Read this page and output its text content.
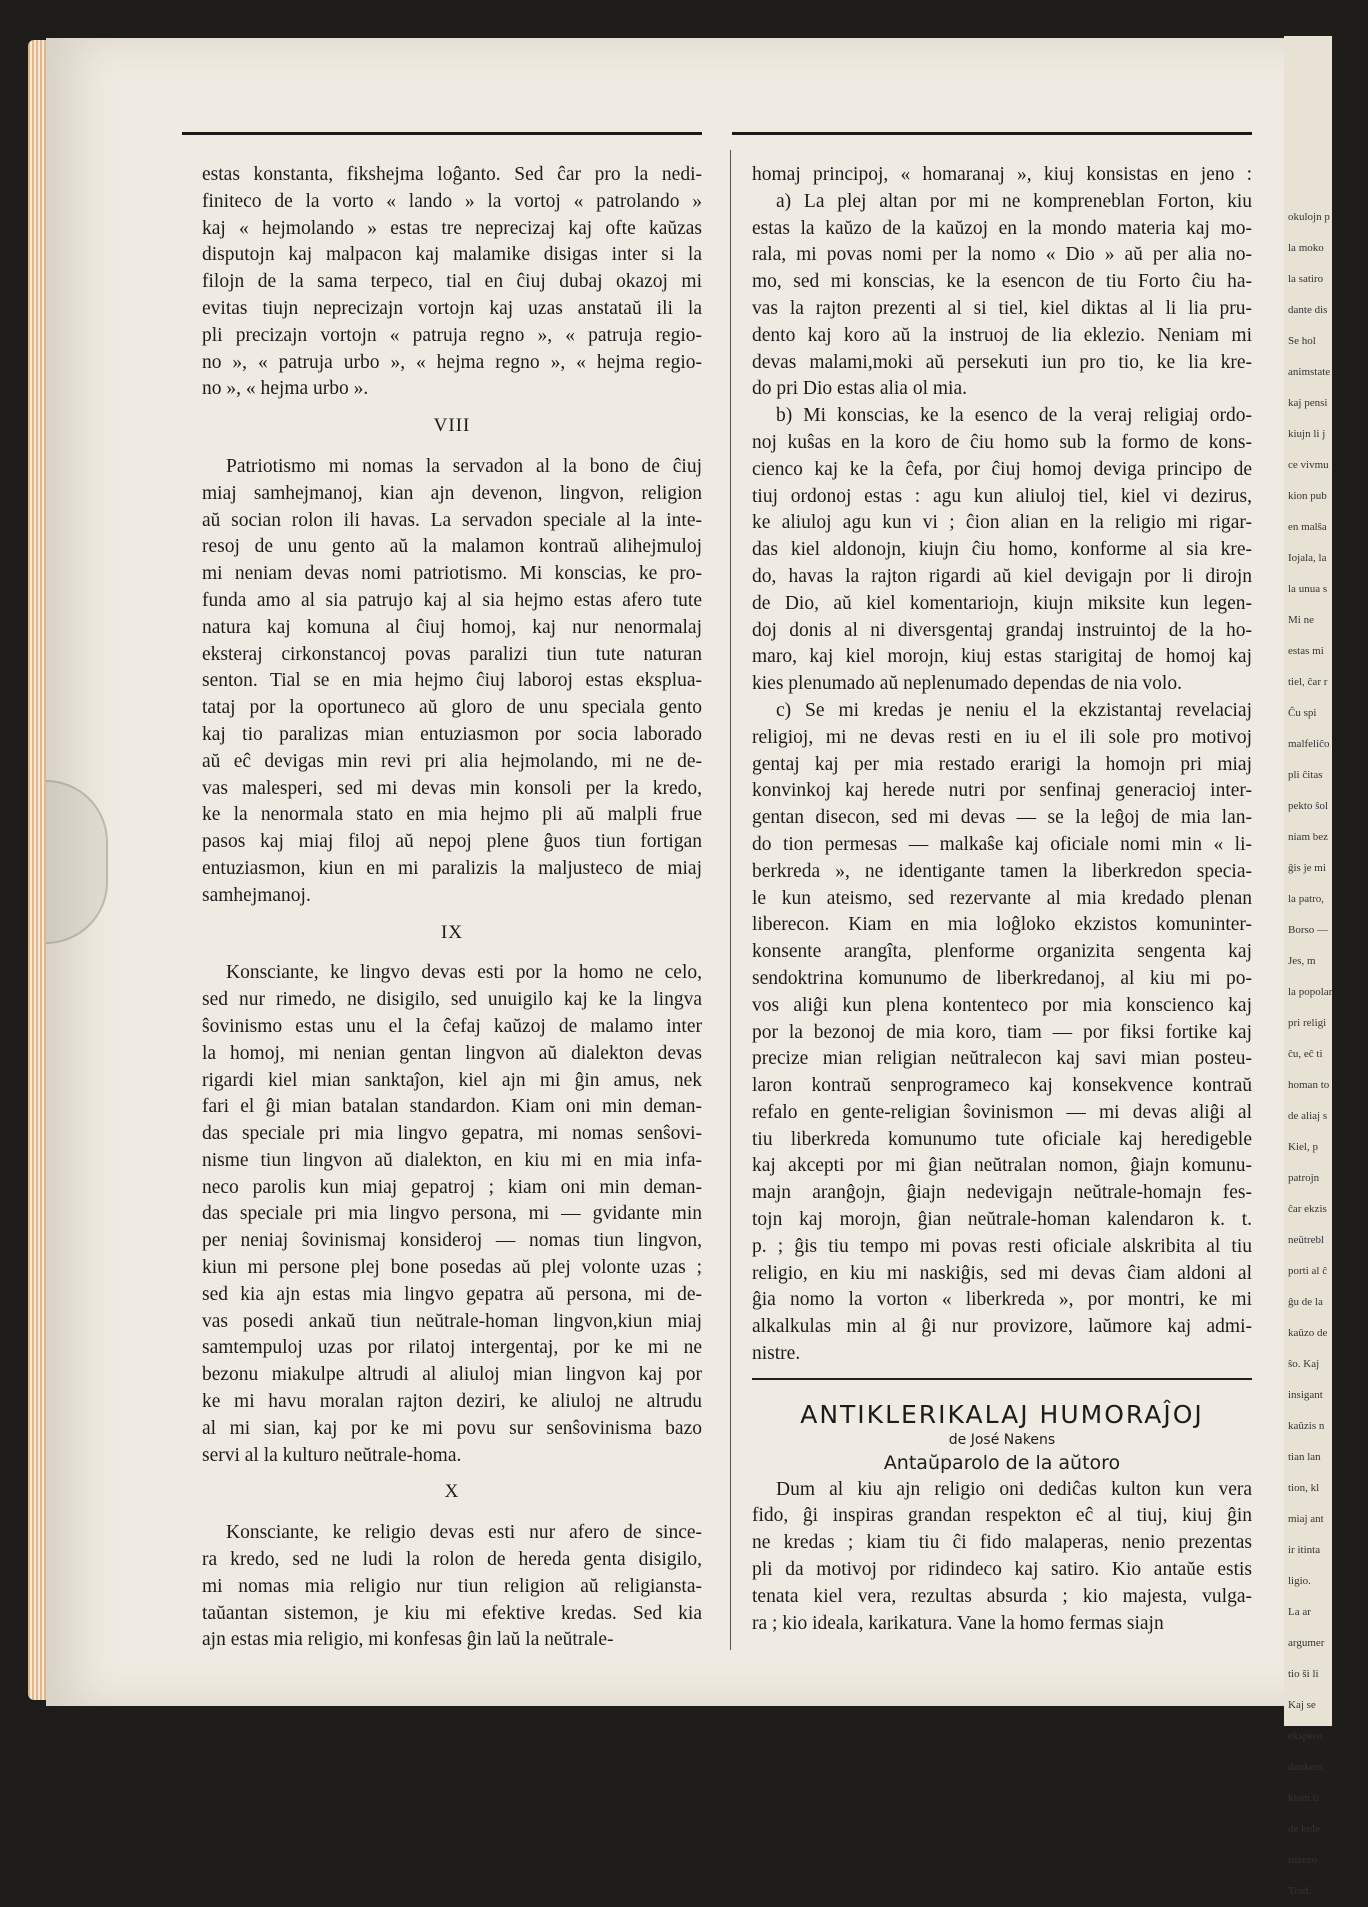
okulojn p
la moko
la satiro
dante dis
Se hol
animstate
kaj pensi
kiujn li j
ce vivmu
kion pub
en malŝa
Iojala, la
la unua s
Mi ne
estas mi
tiel, ĉar r
Ĉu spi
malfeliĉo
pli ĉitas
pekto ŝol
niam bez
ĝis je mi
la patro,
Borso —
Jes, m
la popolar
pri religi
ĉu, eĉ ti
homan to
de aliaj s
Kiel, p
patrojn
ĉar ekzis
neŭtrebl
porti al ĉ
ĝu de la
kaŭzo de
ŝo. Kaj
insigant
kaŭzis n
tian lan
tion, kl
miaj ant
ir itinta
ligio.
La ar
argumer
tio ŝi li
Kaj se
ekspero
dankem
kiam ti
de kole
ruzezo
Trad.

estas konstanta, fikshejma loĝanto. Sed ĉar pro la nedi-
finiteco de la vorto « lando » la vortoj « patrolando »
kaj « hejmolando » estas tre neprecizaj kaj ofte kaŭzas
disputojn kaj malpacon kaj malamike disigas inter si la
filojn de la sama terpeco, tial en ĉiuj dubaj okazoj mi
evitas tiujn neprecizajn vortojn kaj uzas anstataŭ ili la
pli precizajn vortojn « patruja regno », « patruja regio-
no », « patruja urbo », « hejma regno », « hejma regio-
no », « hejma urbo ».

VIII

Patriotismo mi nomas la servadon al la bono de ĉiuj
miaj samhejmanoj, kian ajn devenon, lingvon, religion
aŭ socian rolon ili havas. La servadon speciale al la inte-
resoj de unu gento aŭ la malamon kontraŭ alihejmuloj
mi neniam devas nomi patriotismo. Mi konscias, ke pro-
funda amo al sia patrujo kaj al sia hejmo estas afero tute
natura kaj komuna al ĉiuj homoj, kaj nur nenormalaj
eksteraj cirkonstancoj povas paralizi tiun tute naturan
senton. Tial se en mia hejmo ĉiuj laboroj estas eksplua-
tataj por la oportuneco aŭ gloro de unu speciala gento
kaj tio paralizas mian entuziasmon por socia laborado
aŭ eĉ devigas min revi pri alia hejmolando, mi ne de-
vas malesperi, sed mi devas min konsoli per la kredo,
ke la nenormala stato en mia hejmo pli aŭ malpli frue
pasos kaj miaj filoj aŭ nepoj plene ĝuos tiun fortigan
entuziasmon, kiun en mi paralizis la maljusteco de miaj
samhejmanoj.

IX

Konsciante, ke lingvo devas esti por la homo ne celo,
sed nur rimedo, ne disigilo, sed unuigilo kaj ke la lingva
ŝovinismo estas unu el la ĉefaj kaŭzoj de malamo inter
la homoj, mi nenian gentan lingvon aŭ dialekton devas
rigardi kiel mian sanktaĵon, kiel ajn mi ĝin amus, nek
fari el ĝi mian batalan standardon. Kiam oni min deman-
das speciale pri mia lingvo gepatra, mi nomas senŝovi-
nisme tiun lingvon aŭ dialekton, en kiu mi en mia infa-
neco parolis kun miaj gepatroj ; kiam oni min deman-
das speciale pri mia lingvo persona, mi — gvidante min
per neniaj ŝovinismaj konsideroj — nomas tiun lingvon,
kiun mi persone plej bone posedas aŭ plej volonte uzas ;
sed kia ajn estas mia lingvo gepatra aŭ persona, mi de-
vas posedi ankaŭ tiun neŭtrale-homan lingvon,kiun miaj
samtempuloj uzas por rilatoj intergentaj, por ke mi ne
bezonu miakulpe altrudi al aliuloj mian lingvon kaj por
ke mi havu moralan rajton deziri, ke aliuloj ne altrudu
al mi sian, kaj por ke mi povu sur senŝovinisma bazo
servi al la kulturo neŭtrale-homa.

X

Konsciante, ke religio devas esti nur afero de sincе-
ra kredo, sed ne ludi la rolon de hereda genta disigilo,
mi nomas mia religio nur tiun religion aŭ religiansta-
taŭantan sistemon, je kiu mi efektive kredas. Sed kia
ajn estas mia religio, mi konfesas ĝin laŭ la neŭtrale-

homaj principoj, « homaranaj », kiuj konsistas en jeno :

a) La plej altan por mi ne kompreneblan Forton, kiu
estas la kaŭzo de la kaŭzoj en la mondo materia kaj mo-
rala, mi povas nomi per la nomo « Dio » aŭ per alia no-
mo, sed mi konscias, ke la esencon de tiu Forto ĉiu ha-
vas la rajton prezenti al si tiel, kiel diktas al li lia pru-
dento kaj koro aŭ la instruoj de lia eklezio. Neniam mi
devas malami,moki aŭ persekuti iun pro tio, ke lia kre-
do pri Dio estas alia ol mia.

b) Mi konscias, ke la esenco de la veraj religiaj ordo-
noj kuŝas en la koro de ĉiu homo sub la formo de kons-
cienco kaj ke la ĉefa, por ĉiuj homoj deviga principo de
tiuj ordonoj estas : agu kun aliuloj tiel, kiel vi dezirus,
ke aliuloj agu kun vi ; ĉion alian en la religio mi rigar-
das kiel aldonojn, kiujn ĉiu homo, konforme al sia kre-
do, havas la rajton rigardi aŭ kiel devigajn por li diroјn
de Dio, aŭ kiel komentariojn, kiujn miksite kun legen-
doj donis al ni diversgentaj grandaj instruintoj de la ho-
maro, kaj kiel morojn, kiuj estas starigitaj de homoj kaj
kies plenumado aŭ neplenumado dependas de nia volo.

c) Se mi kredas je neniu el la ekzistantaj revelaciaj
religioj, mi ne devas resti en iu el ili sole pro motivoj
gentaj kaj per mia restado erarigi la homojn pri miaj
konvinkoj kaj herede nutri por senfinaj generacioj inter-
gentan disecon, sed mi devas — se la leĝoj de mia lan-
do tion permesas — malkaŝe kaj oficiale nomi min « li-
berkreda », ne identigante tamen la liberkredon specia-
le kun ateismo, sed rezervante al mia kredado plenan
liberecon. Kiam en mia loĝloko ekzistos komuninter-
konsente arangîta, plenforme organizita sengenta kaj
sendoktrina komunumo de liberkredanoj, al kiu mi po-
vos aliĝi kun plena kontenteco por mia konscienco kaj
por la bezonoj de mia koro, tiam — por fiksi fortike kaj
precize mian religian neŭtralecon kaj savi mian posteu-
laron kontraŭ senprogrameco kaj konsekvence kontraŭ
refalo en gente-religian ŝovinismon — mi devas aliĝi al
tiu liberkreda komunumo tute oficiale kaj heredigeble
kaj akcepti por mi ĝian neŭtralan nomon, ĝiajn komunu-
majn aranĝojn, ĝiajn nedevigajn neŭtrale-homajn fes-
tojn kaj morojn, ĝian neŭtrale-homan kalendaron k. t.
p. ; ĝis tiu tempo mi povas resti oficiale alskribita al tiu
religio, en kiu mi naskiĝis, sed mi devas ĉiam aldoni al
ĝia nomo la vorton « liberkreda », por montri, ke mi
alkalkulas min al ĝi nur provizore, laŭmore kaj admi-
nistre.

ANTIKLERIKALAJ HUMORAĴOJ
de José Nakens
Antaŭparolo de la aŭtoro

Dum al kiu ajn religio oni dediĉas kulton kun vera
fido, ĝi inspiras grandan respekton eĉ al tiuj, kiuj ĝin
ne kredas ; kiam tiu ĉi fido malaperas, nenio prezentas
pli da motivoj por ridindeco kaj satiro. Kio antaŭe estis
tenata kiel vera, rezultas absurda ; kio majesta, vulga-
ra ; kio ideala, karikatura. Vane la homo fermas siajn
